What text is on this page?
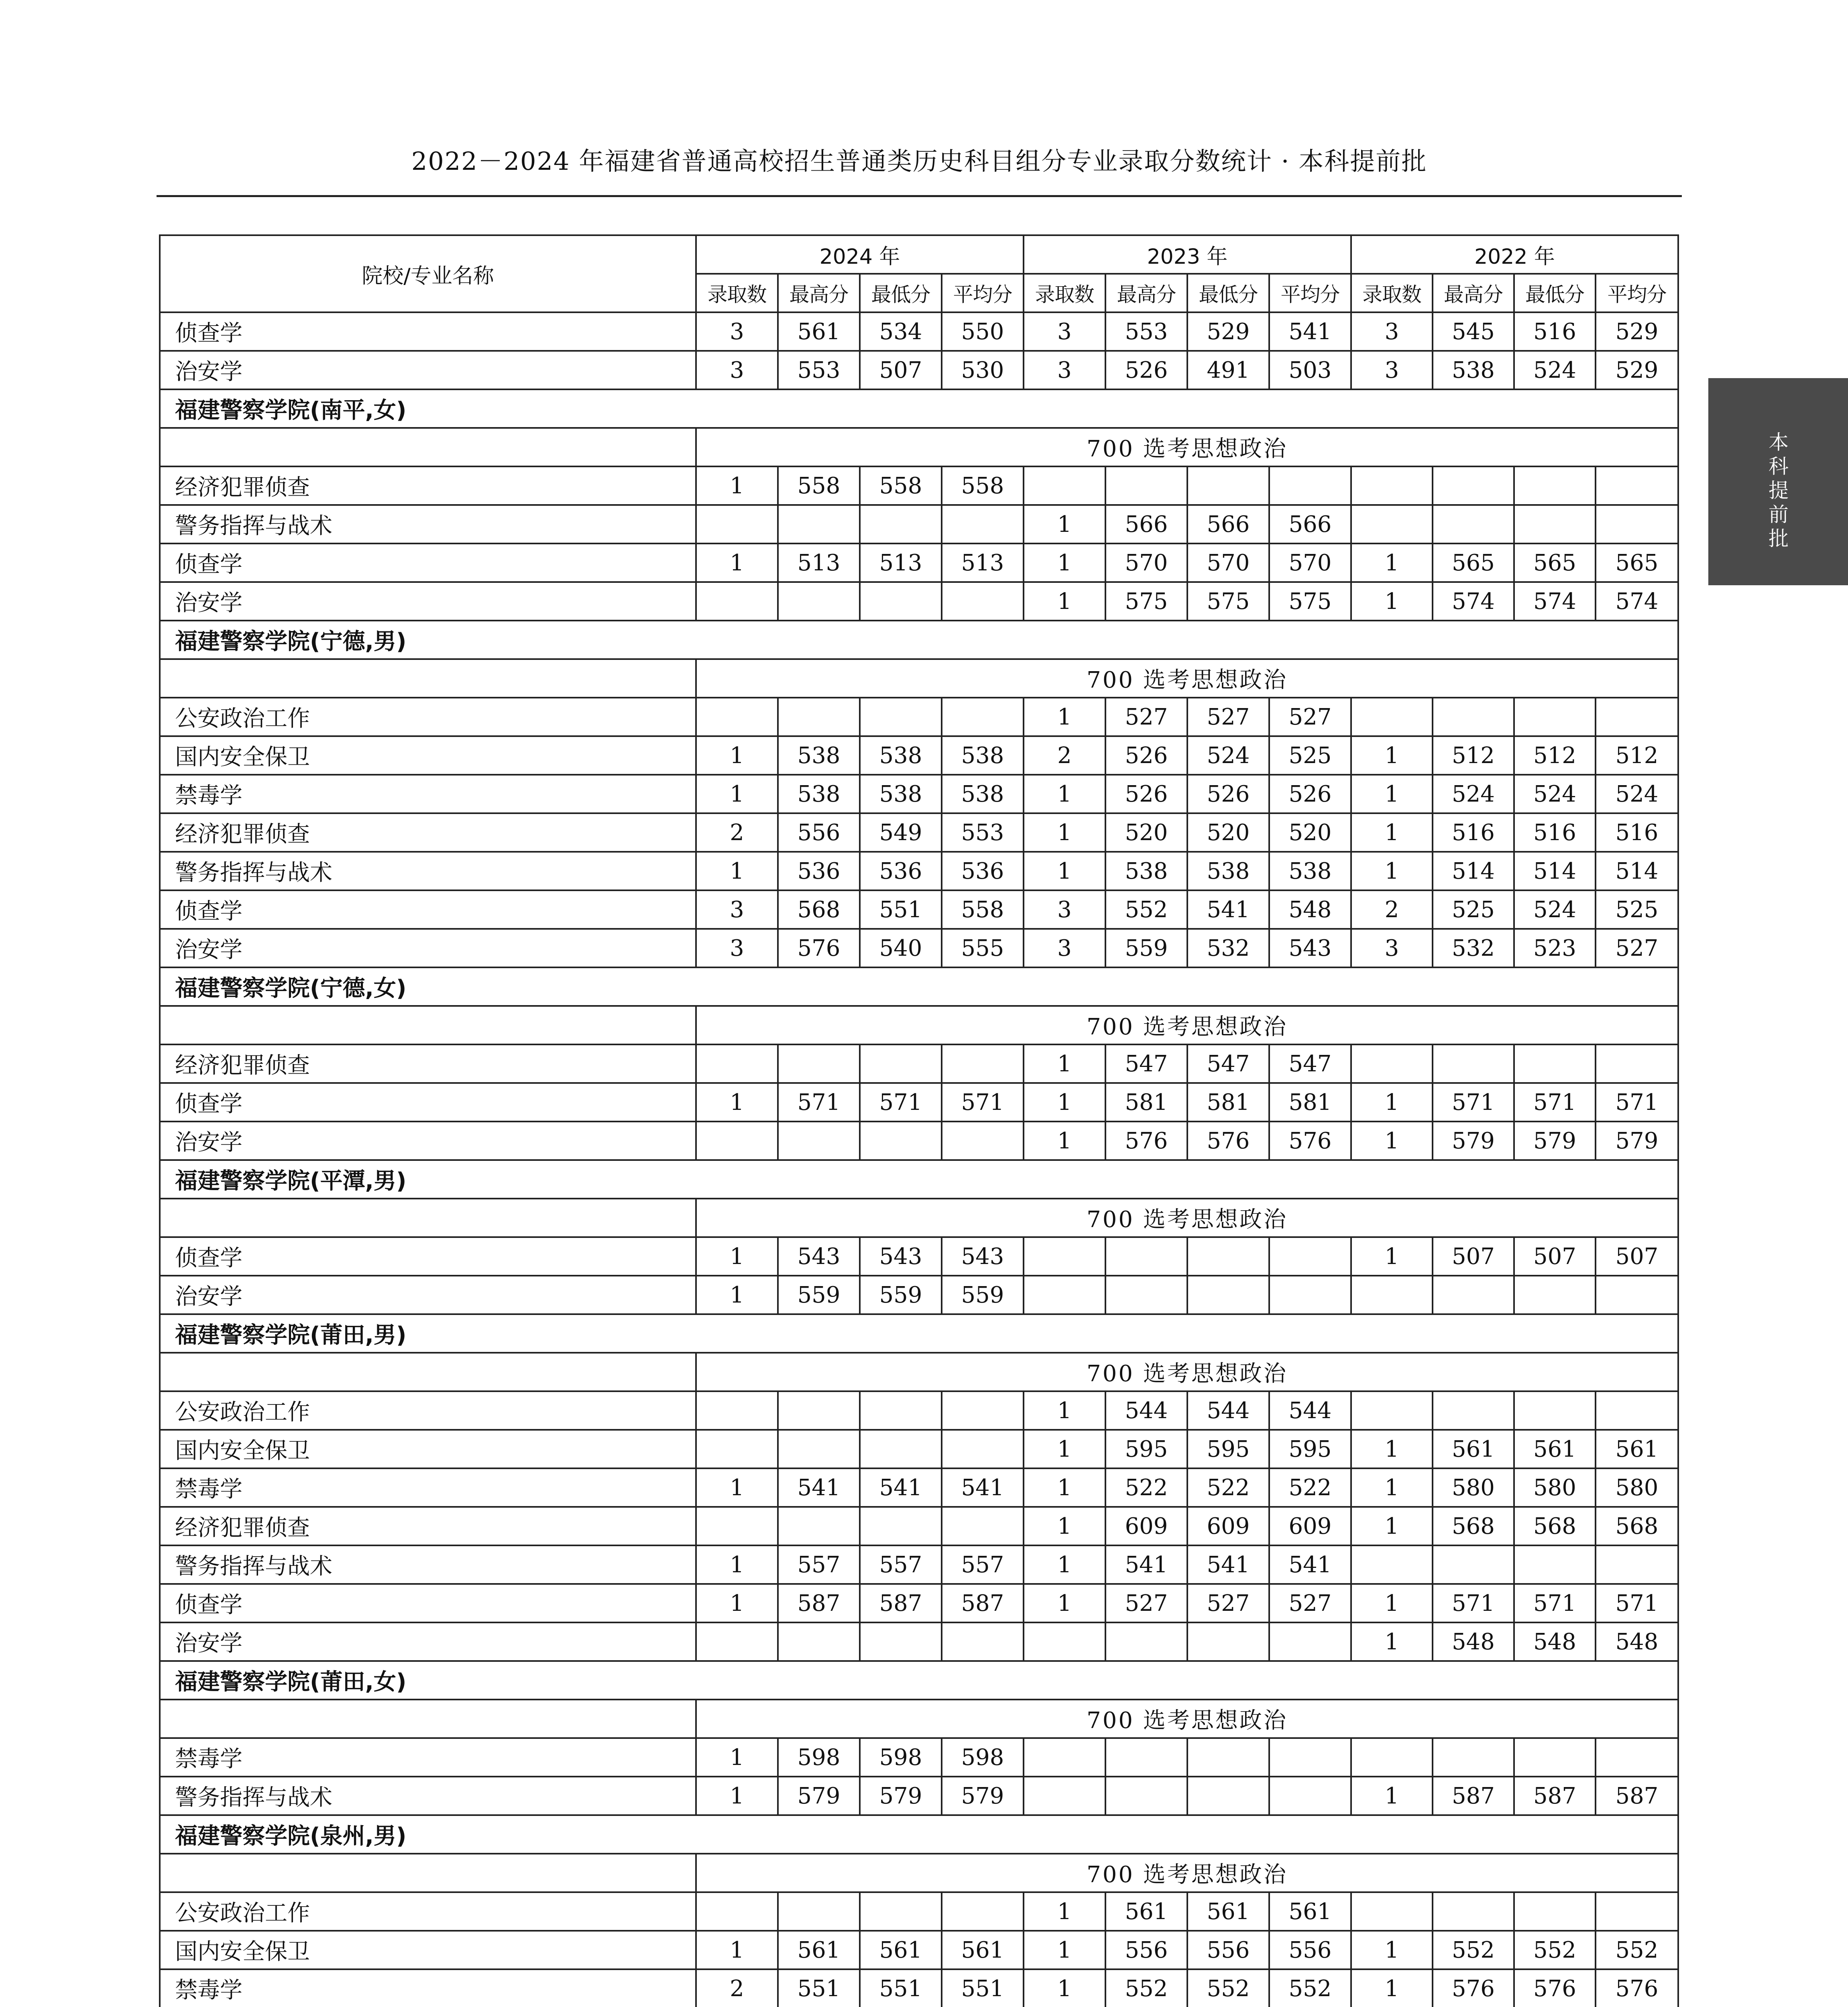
2022－2024 年福建省普通高校招生普通类历史科目组分专业录取分数统计 · 本科提前批
本科提前批
院校/专业名称	2024 年				2023 年				2022 年			
	录取数	最高分	最低分	平均分	录取数	最高分	最低分	平均分	录取数	最高分	最低分	平均分
侦查学	3	561	534	550	3	553	529	541	3	545	516	529
治安学	3	553	507	530	3	526	491	503	3	538	524	529
福建警察学院(南平,女)												
	700 选考思想政治											
经济犯罪侦查	1	558	558	558								
警务指挥与战术					1	566	566	566				
侦查学	1	513	513	513	1	570	570	570	1	565	565	565
治安学					1	575	575	575	1	574	574	574
福建警察学院(宁德,男)												
	700 选考思想政治											
公安政治工作					1	527	527	527				
国内安全保卫	1	538	538	538	2	526	524	525	1	512	512	512
禁毒学	1	538	538	538	1	526	526	526	1	524	524	524
经济犯罪侦查	2	556	549	553	1	520	520	520	1	516	516	516
警务指挥与战术	1	536	536	536	1	538	538	538	1	514	514	514
侦查学	3	568	551	558	3	552	541	548	2	525	524	525
治安学	3	576	540	555	3	559	532	543	3	532	523	527
福建警察学院(宁德,女)												
	700 选考思想政治											
经济犯罪侦查					1	547	547	547				
侦查学	1	571	571	571	1	581	581	581	1	571	571	571
治安学					1	576	576	576	1	579	579	579
福建警察学院(平潭,男)												
	700 选考思想政治											
侦查学	1	543	543	543					1	507	507	507
治安学	1	559	559	559								
福建警察学院(莆田,男)												
	700 选考思想政治											
公安政治工作					1	544	544	544				
国内安全保卫					1	595	595	595	1	561	561	561
禁毒学	1	541	541	541	1	522	522	522	1	580	580	580
经济犯罪侦查					1	609	609	609	1	568	568	568
警务指挥与战术	1	557	557	557	1	541	541	541				
侦查学	1	587	587	587	1	527	527	527	1	571	571	571
治安学									1	548	548	548
福建警察学院(莆田,女)												
	700 选考思想政治											
禁毒学	1	598	598	598								
警务指挥与战术	1	579	579	579					1	587	587	587
福建警察学院(泉州,男)												
	700 选考思想政治											
公安政治工作					1	561	561	561				
国内安全保卫	1	561	561	561	1	556	556	556	1	552	552	552
禁毒学	2	551	551	551	1	552	552	552	1	576	576	576
